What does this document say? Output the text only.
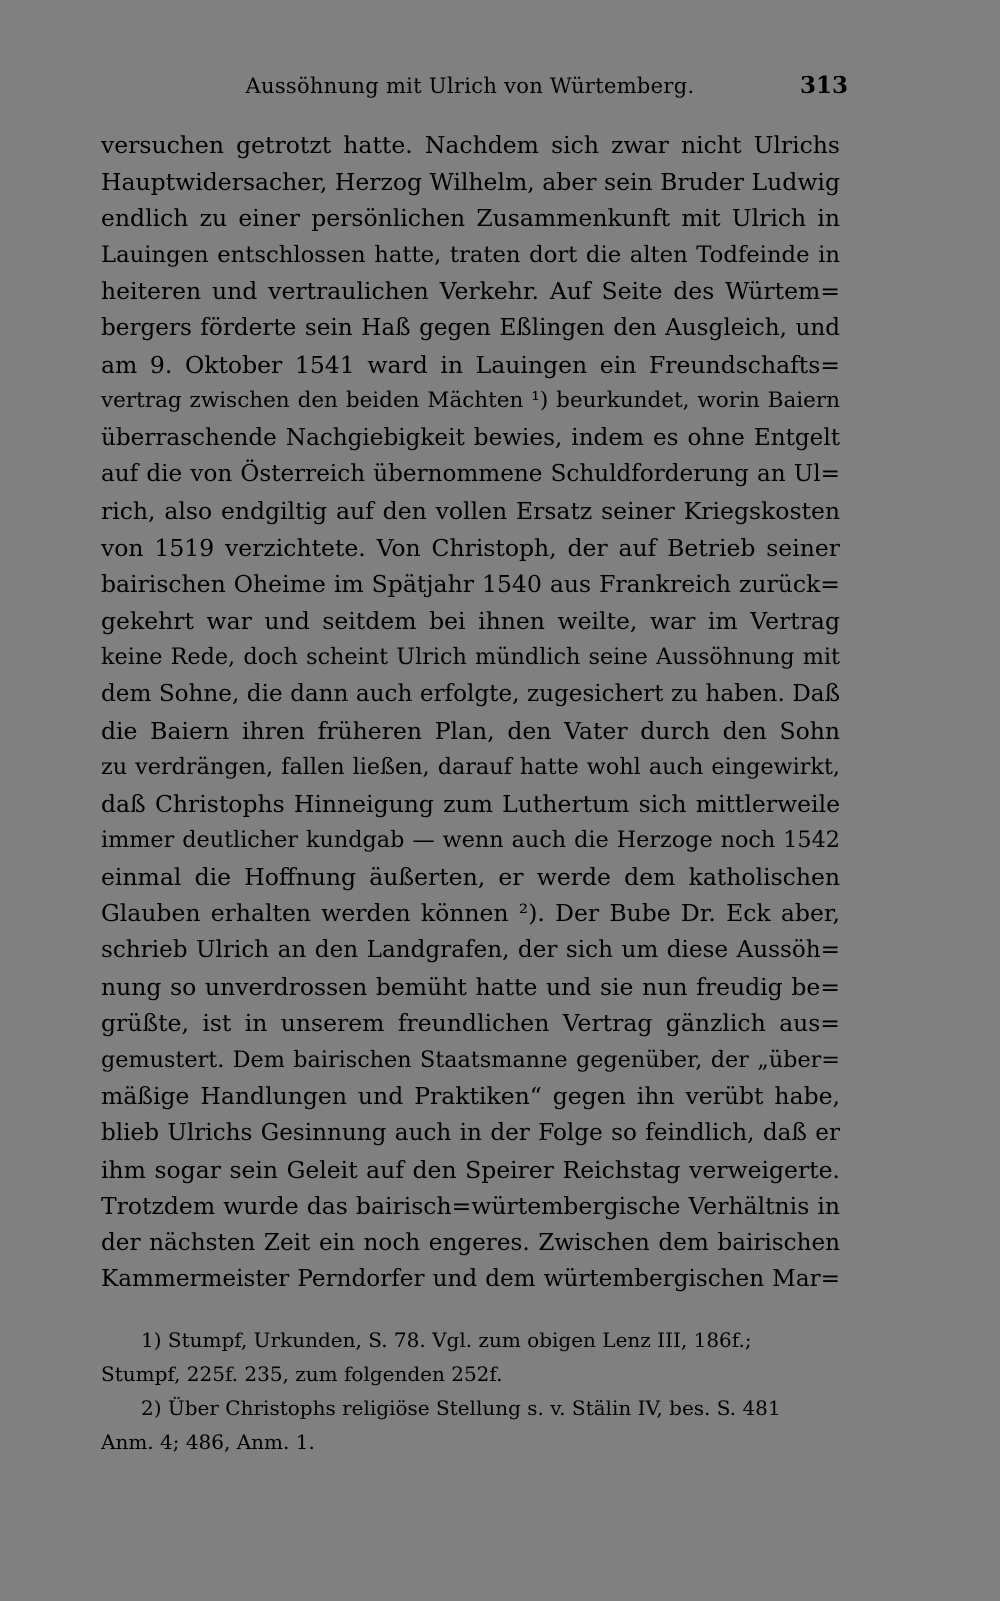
Aussöhnung mit Ulrich von Würtemberg.	313
versuchen getrotzt hatte. Nachdem sich zwar nicht Ulrichs
Hauptwidersacher, Herzog Wilhelm, aber sein Bruder Ludwig
endlich zu einer persönlichen Zusammenkunft mit Ulrich in
Lauingen entschlossen hatte, traten dort die alten Todfeinde in
heiteren und vertraulichen Verkehr. Auf Seite des Würtem=
bergers förderte sein Haß gegen Eßlingen den Ausgleich, und
am 9. Oktober 1541 ward in Lauingen ein Freundschafts=
vertrag zwischen den beiden Mächten ¹) beurkundet, worin Baiern
überraschende Nachgiebigkeit bewies, indem es ohne Entgelt
auf die von Österreich übernommene Schuldforderung an Ul=
rich, also endgiltig auf den vollen Ersatz seiner Kriegskosten
von 1519 verzichtete. Von Christoph, der auf Betrieb seiner
bairischen Oheime im Spätjahr 1540 aus Frankreich zurück=
gekehrt war und seitdem bei ihnen weilte, war im Vertrag
keine Rede, doch scheint Ulrich mündlich seine Aussöhnung mit
dem Sohne, die dann auch erfolgte, zugesichert zu haben. Daß
die Baiern ihren früheren Plan, den Vater durch den Sohn
zu verdrängen, fallen ließen, darauf hatte wohl auch eingewirkt,
daß Christophs Hinneigung zum Luthertum sich mittlerweile
immer deutlicher kundgab — wenn auch die Herzoge noch 1542
einmal die Hoffnung äußerten, er werde dem katholischen
Glauben erhalten werden können ²). Der Bube Dr. Eck aber,
schrieb Ulrich an den Landgrafen, der sich um diese Aussöh=
nung so unverdrossen bemüht hatte und sie nun freudig be=
grüßte, ist in unserem freundlichen Vertrag gänzlich aus=
gemustert. Dem bairischen Staatsmanne gegenüber, der „über=
mäßige Handlungen und Praktiken“ gegen ihn verübt habe,
blieb Ulrichs Gesinnung auch in der Folge so feindlich, daß er
ihm sogar sein Geleit auf den Speirer Reichstag verweigerte.
Trotzdem wurde das bairisch=würtembergische Verhältnis in
der nächsten Zeit ein noch engeres. Zwischen dem bairischen
Kammermeister Perndorfer und dem würtembergischen Mar=
1) Stumpf, Urkunden, S. 78. Vgl. zum obigen Lenz III, 186f.;
Stumpf, 225f. 235, zum folgenden 252f.
2) Über Christophs religiöse Stellung s. v. Stälin IV, bes. S. 481
Anm. 4; 486, Anm. 1.
